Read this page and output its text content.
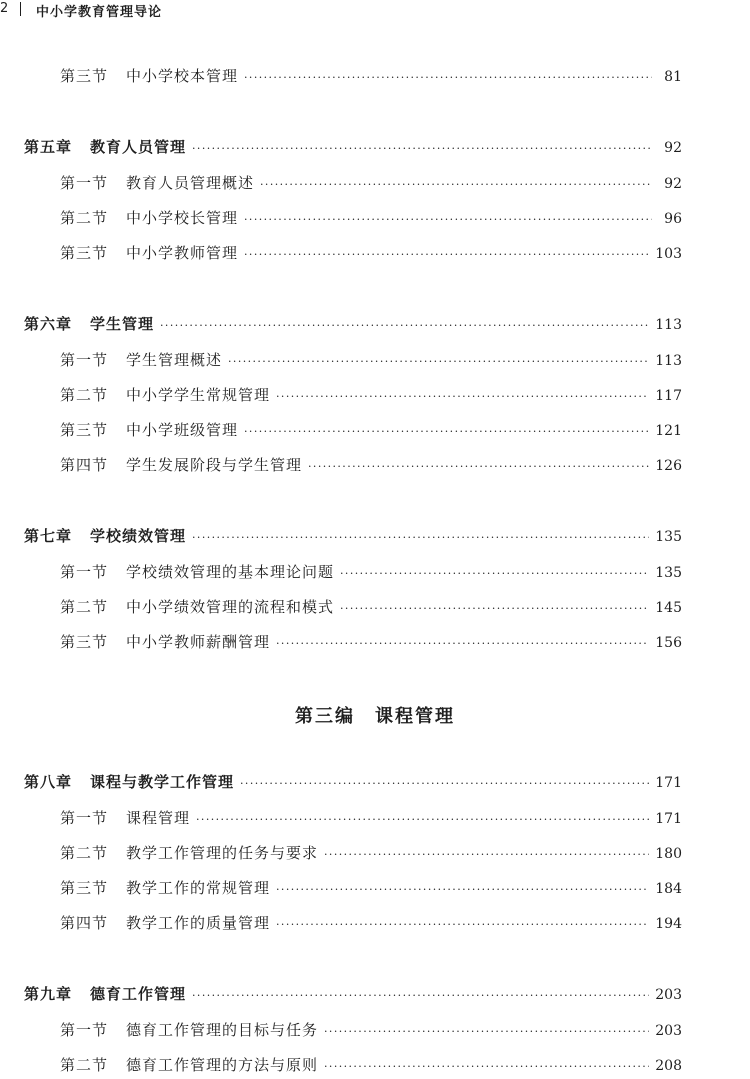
2 中小学教育管理导论
第三节 中小学校本管理 ·····	81
第五章 教育人员管理 ·····	92
第一节 教育人员管理概述 ·····	92
第二节 中小学校长管理 ·····	96
第三节 中小学教师管理 ·····	103
第六章 学生管理 ·····	113
第一节 学生管理概述 ·····	113
第二节 中小学学生常规管理 ·····	117
第三节 中小学班级管理 ·····	121
第四节 学生发展阶段与学生管理 ·····	126
第七章 学校绩效管理 ·····	135
第一节 学校绩效管理的基本理论问题 ·····	135
第二节 中小学绩效管理的流程和模式 ·····	145
第三节 中小学教师薪酬管理 ·····	156
第三编　课程管理
第八章 课程与教学工作管理 ·····	171
第一节 课程管理 ·····	171
第二节 教学工作管理的任务与要求 ·····	180
第三节 教学工作的常规管理 ·····	184
第四节 教学工作的质量管理 ·····	194
第九章 德育工作管理 ·····	203
第一节 德育工作管理的目标与任务 ·····	203
第二节 德育工作管理的方法与原则 ·····	208
